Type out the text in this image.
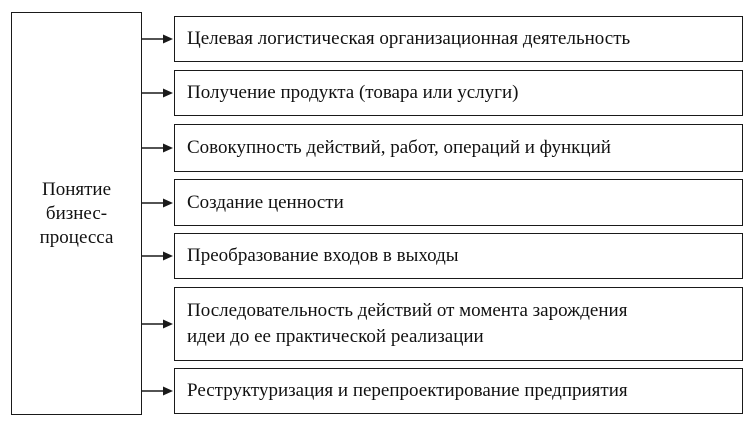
Понятие
бизнес-
процесса
Целевая логистическая организационная деятельность
Получение продукта (товара или услуги)
Совокупность действий, работ, операций и функций
Создание ценности
Преобразование входов в выходы
Последовательность действий от момента зарождения
идеи до ее практической реализации
Реструктуризация и перепроектирование предприятия
